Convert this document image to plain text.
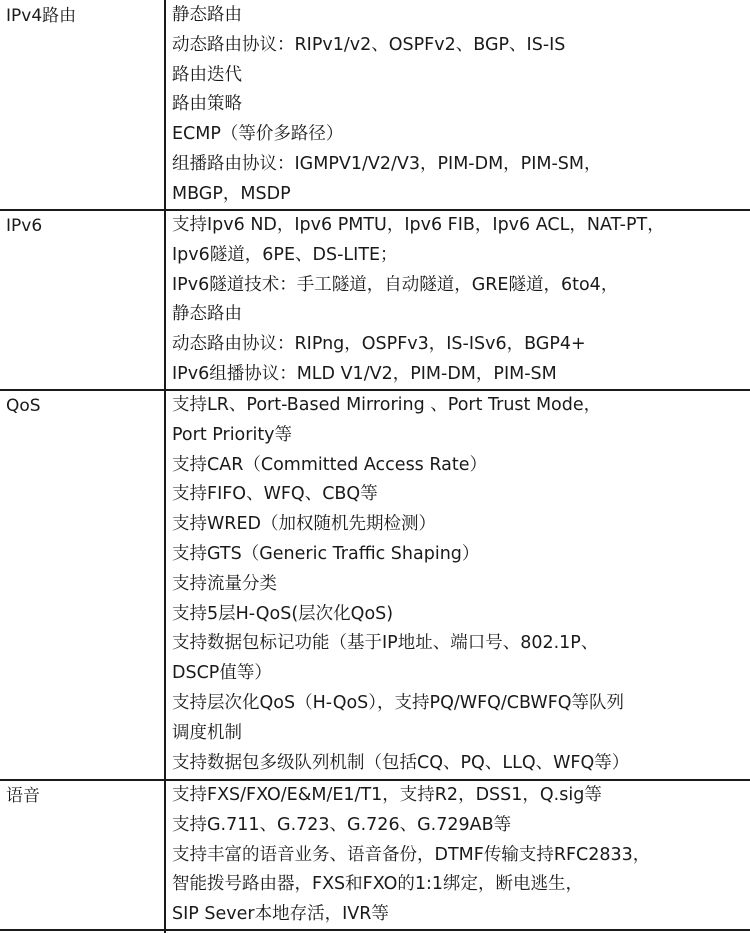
IPv4路由	静态路由
动态路由协议：RIPv1/v2、OSPFv2、BGP、IS-IS
路由迭代
路由策略
ECMP（等价多路径）
组播路由协议：IGMPV1/V2/V3，PIM-DM，PIM-SM，
MBGP，MSDP
IPv6	支持Ipv6 ND，Ipv6 PMTU，Ipv6 FIB，Ipv6 ACL，NAT-PT，
Ipv6隧道，6PE、DS-LITE；
IPv6隧道技术：手工隧道，自动隧道，GRE隧道，6to4，
静态路由
动态路由协议：RIPng，OSPFv3，IS-ISv6，BGP4+
IPv6组播协议：MLD V1/V2，PIM-DM，PIM-SM
QoS	支持LR、Port-Based Mirroring 、Port Trust Mode，
Port Priority等
支持CAR（Committed Access Rate）
支持FIFO、WFQ、CBQ等
支持WRED（加权随机先期检测）
支持GTS（Generic Traffic Shaping）
支持流量分类
支持5层H-QoS(层次化QoS)
支持数据包标记功能（基于IP地址、端口号、802.1P、
DSCP值等）
支持层次化QoS（H-QoS），支持PQ/WFQ/CBWFQ等队列
调度机制
支持数据包多级队列机制（包括CQ、PQ、LLQ、WFQ等）
语音	支持FXS/FXO/E&M/E1/T1，支持R2，DSS1，Q.sig等
支持G.711、G.723、G.726、G.729AB等
支持丰富的语音业务、语音备份，DTMF传输支持RFC2833，
智能拨号路由器，FXS和FXO的1:1绑定，断电逃生，
SIP Sever本地存活，IVR等
